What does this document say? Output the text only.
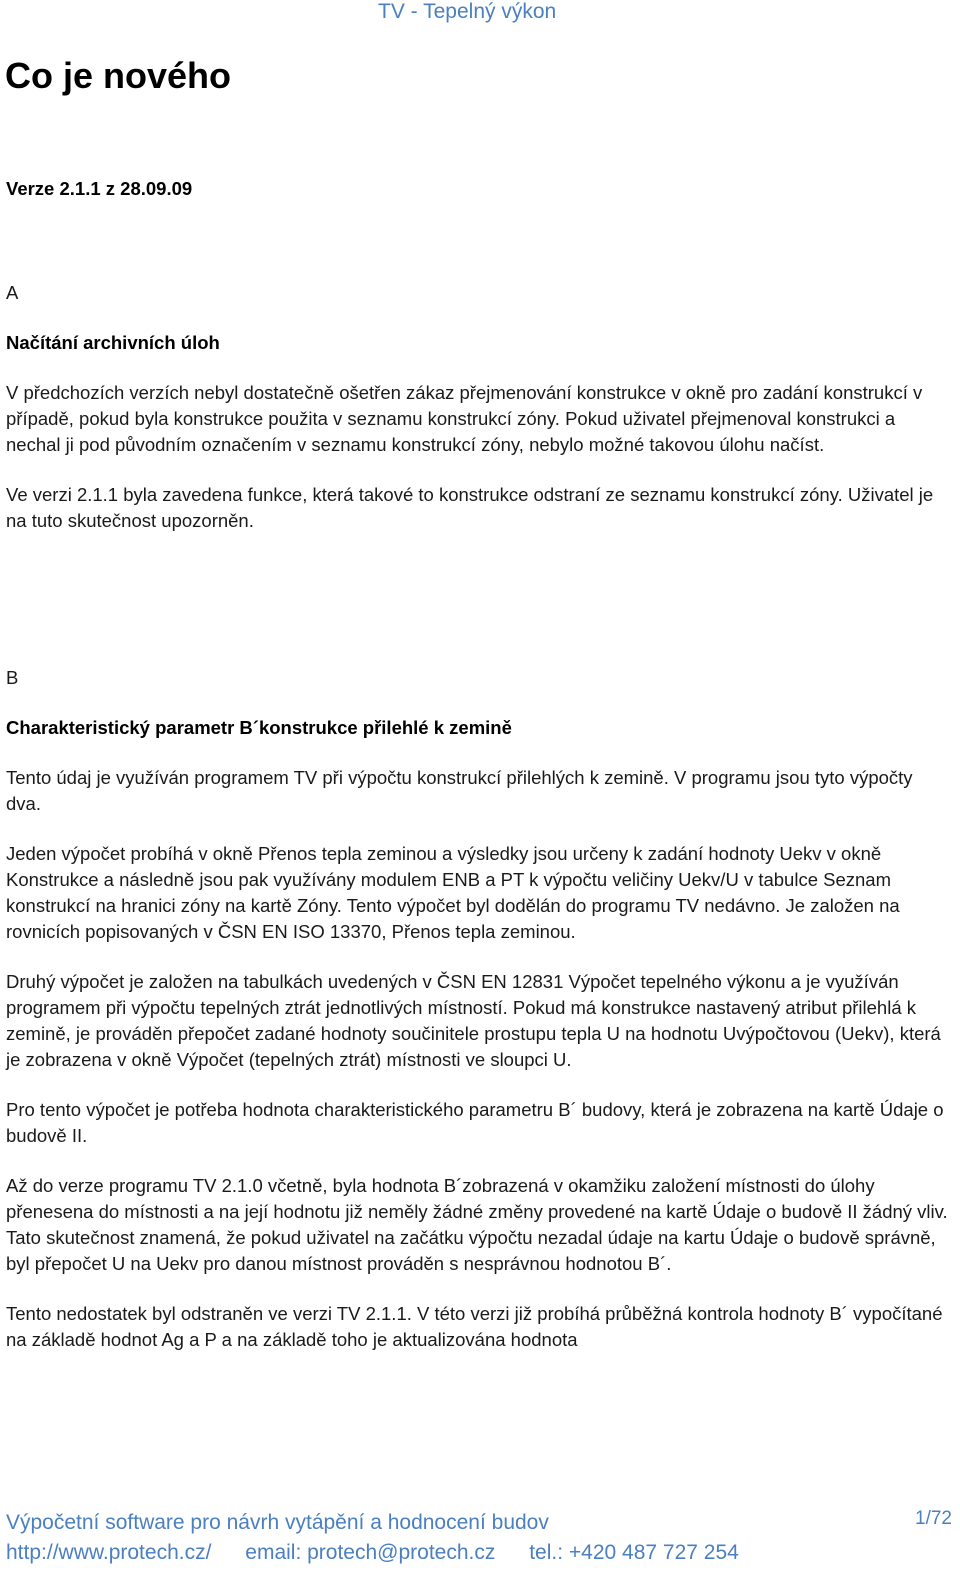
TV - Tepelný výkon
Co je nového

Verze 2.1.1 z 28.09.09

A

Načítání archivních úloh

V předchozích verzích nebyl dostatečně ošetřen zákaz přejmenování konstrukce v okně pro zadání konstrukcí v případě, pokud byla konstrukce použita v seznamu konstrukcí zóny. Pokud uživatel přejmenoval konstrukci a nechal ji pod původním označením v seznamu konstrukcí zóny, nebylo možné takovou úlohu načíst.

Ve verzi 2.1.1 byla zavedena funkce, která takové to konstrukce odstraní ze seznamu konstrukcí zóny. Uživatel je na tuto skutečnost upozorněn.

B

Charakteristický parametr B´konstrukce přilehlé k zemině

Tento údaj je využíván programem TV při výpočtu konstrukcí přilehlých k zemině. V programu jsou tyto výpočty dva.

Jeden výpočet probíhá v okně Přenos tepla zeminou a výsledky jsou určeny k zadání hodnoty Uekv v okně Konstrukce a následně jsou pak využívány modulem ENB a PT k výpočtu veličiny Uekv/U v tabulce Seznam konstrukcí na hranici zóny na kartě Zóny. Tento výpočet byl dodělán do programu TV nedávno. Je založen na rovnicích popisovaných v ČSN EN ISO 13370, Přenos tepla zeminou.

Druhý výpočet je založen na tabulkách uvedených v ČSN EN 12831 Výpočet tepelného výkonu a je využíván programem při výpočtu tepelných ztrát jednotlivých místností. Pokud má konstrukce nastavený atribut přilehlá k zemině, je prováděn přepočet zadané hodnoty součinitele prostupu tepla U na hodnotu Uvýpočtovou (Uekv), která je zobrazena v okně Výpočet (tepelných ztrát) místnosti ve sloupci U.

Pro tento výpočet je potřeba hodnota charakteristického parametru B´ budovy, která je zobrazena na kartě Údaje o budově II.

Až do verze programu TV 2.1.0 včetně, byla hodnota B´zobrazená v okamžiku založení místnosti do úlohy přenesena do místnosti a na její hodnotu již neměly žádné změny provedené na kartě Údaje o budově II žádný vliv. Tato skutečnost znamená, že pokud uživatel na začátku výpočtu nezadal údaje na kartu Údaje o budově správně, byl přepočet U na Uekv pro danou místnost prováděn s nesprávnou hodnotou B´.

Tento nedostatek byl odstraněn ve verzi TV 2.1.1. V této verzi již probíhá průběžná kontrola hodnoty B´ vypočítané na základě hodnot Ag a P a na základě toho je aktualizována hodnota

Výpočetní software pro návrh vytápění a hodnocení budov
http://www.protech.cz/ email: protech@protech.cz tel.: +420 487 727 254
1/72
